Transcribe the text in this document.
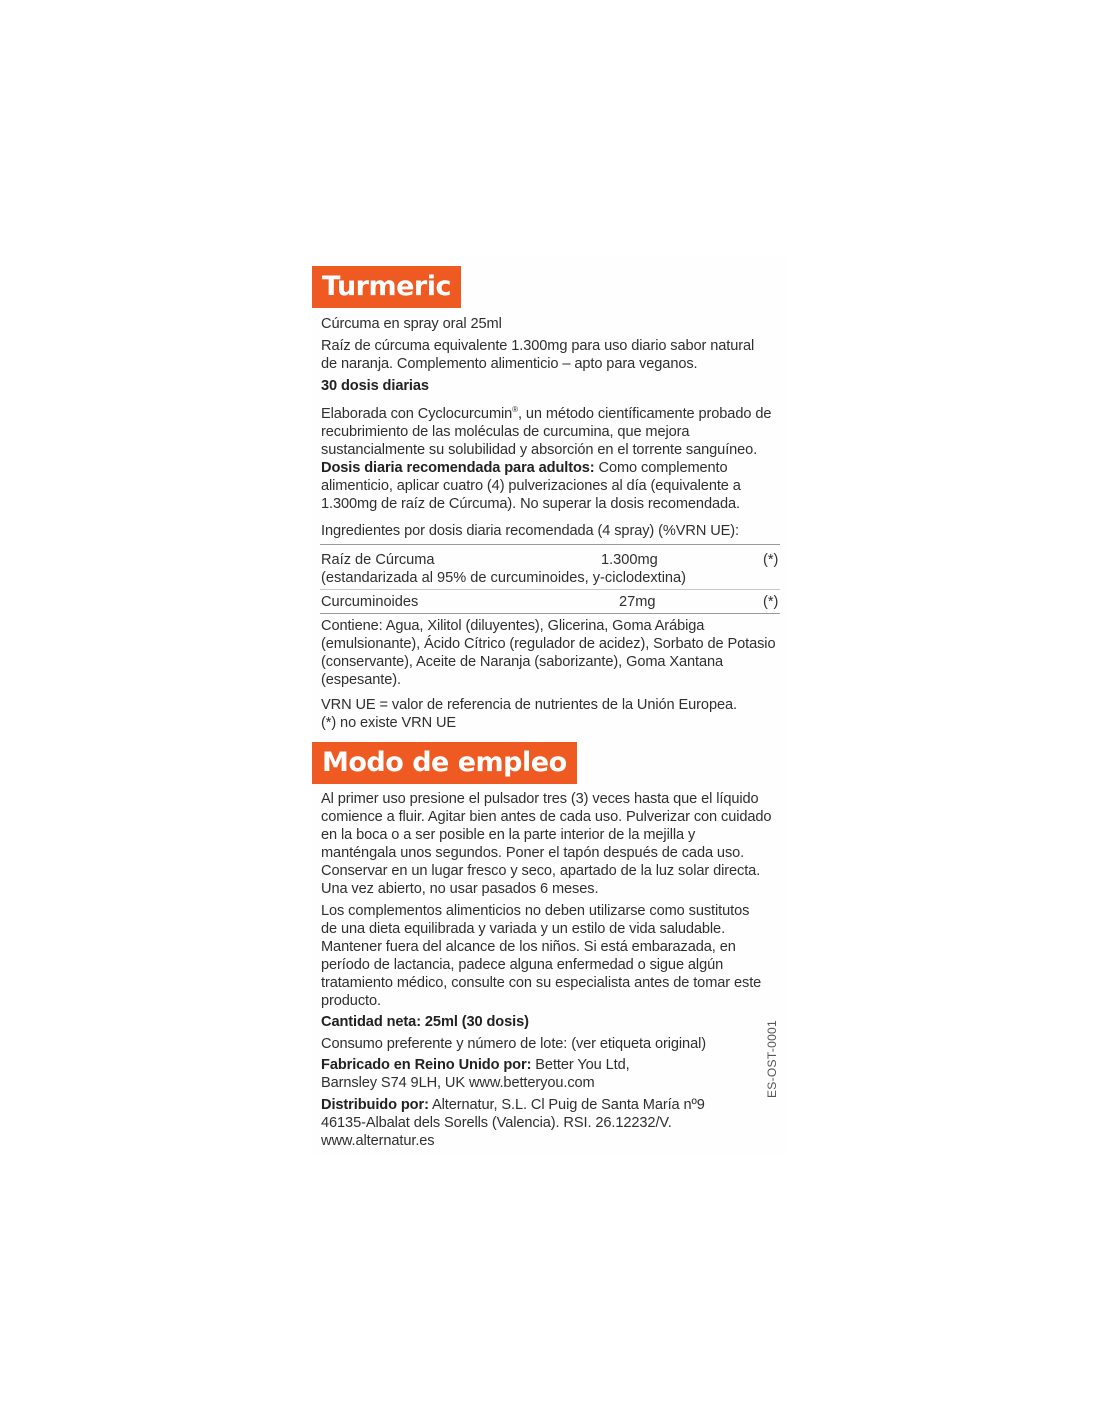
Turmeric

Cúrcuma en spray oral 25ml

Raíz de cúrcuma equivalente 1.300mg para uso diario sabor natural de naranja. Complemento alimenticio – apto para veganos.

30 dosis diarias

Elaborada con Cyclocurcumin®, un método científicamente probado de recubrimiento de las moléculas de curcumina, que mejora sustancialmente su solubilidad y absorción en el torrente sanguíneo.

Dosis diaria recomendada para adultos: Como complemento alimenticio, aplicar cuatro (4) pulverizaciones al día (equivalente a 1.300mg de raíz de Cúrcuma). No superar la dosis recomendada.

Ingredientes por dosis diaria recomendada (4 spray) (%VRN UE):

Raíz de Cúrcuma	1.300mg	(*)
(estandarizada al 95% de curcuminoides, y-ciclodextina)
Curcuminoides	27mg	(*)

Contiene: Agua, Xilitol (diluyentes), Glicerina, Goma Arábiga (emulsionante), Ácido Cítrico (regulador de acidez), Sorbato de Potasio (conservante), Aceite de Naranja (saborizante), Goma Xantana (espesante).

VRN UE = valor de referencia de nutrientes de la Unión Europea.

(*) no existe VRN UE

Modo de empleo

Al primer uso presione el pulsador tres (3) veces hasta que el líquido comience a fluir. Agitar bien antes de cada uso. Pulverizar con cuidado en la boca o a ser posible en la parte interior de la mejilla y manténgala unos segundos. Poner el tapón después de cada uso. Conservar en un lugar fresco y seco, apartado de la luz solar directa. Una vez abierto, no usar pasados 6 meses.

Los complementos alimenticios no deben utilizarse como sustitutos de una dieta equilibrada y variada y un estilo de vida saludable. Mantener fuera del alcance de los niños. Si está embarazada, en período de lactancia, padece alguna enfermedad o sigue algún tratamiento médico, consulte con su especialista antes de tomar este producto.

Cantidad neta: 25ml (30 dosis)

Consumo preferente y número de lote: (ver etiqueta original)

Fabricado en Reino Unido por: Better You Ltd, Barnsley S74 9LH, UK www.betteryou.com

Distribuido por: Alternatur, S.L. Cl Puig de Santa María nº9 46135-Albalat dels Sorells (Valencia). RSI. 26.12232/V. www.alternatur.es

ES-OST-0001
